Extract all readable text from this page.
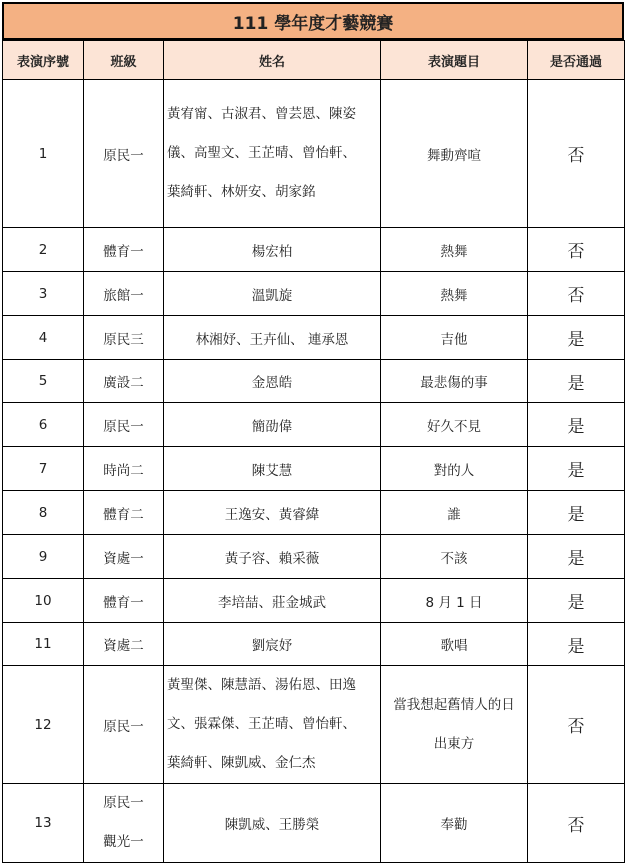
111 學年度才藝競賽
表演序號	班級	姓名	表演題目	是否通過
1	原民一	黃宥甯、古淑君、曾芸恩、陳姿
儀、高聖文、王芷晴、曾怡軒、
葉綺軒、林妍安、胡家銘	舞動齊喧	否
2	體育一	楊宏柏	熱舞	否
3	旅館一	溫凱旋	熱舞	否
4	原民三	林湘妤、王卉仙、 連承恩	吉他	是
5	廣設二	金恩皓	最悲傷的事	是
6	原民一	簡劭偉	好久不見	是
7	時尚二	陳艾慧	對的人	是
8	體育二	王逸安、黃睿緯	誰	是
9	資處一	黃子容、賴采薇	不該	是
10	體育一	李培喆、莊金城武	8 月 1 日	是
11	資處二	劉宸妤	歌唱	是
12	原民一	黃聖傑、陳慧語、湯佑恩、田逸
文、張霖傑、王芷晴、曾怡軒、
葉綺軒、陳凱威、金仁杰	當我想起舊情人的日
出東方	否
13	原民一
觀光一	陳凱威、王勝榮	奉勸	否
